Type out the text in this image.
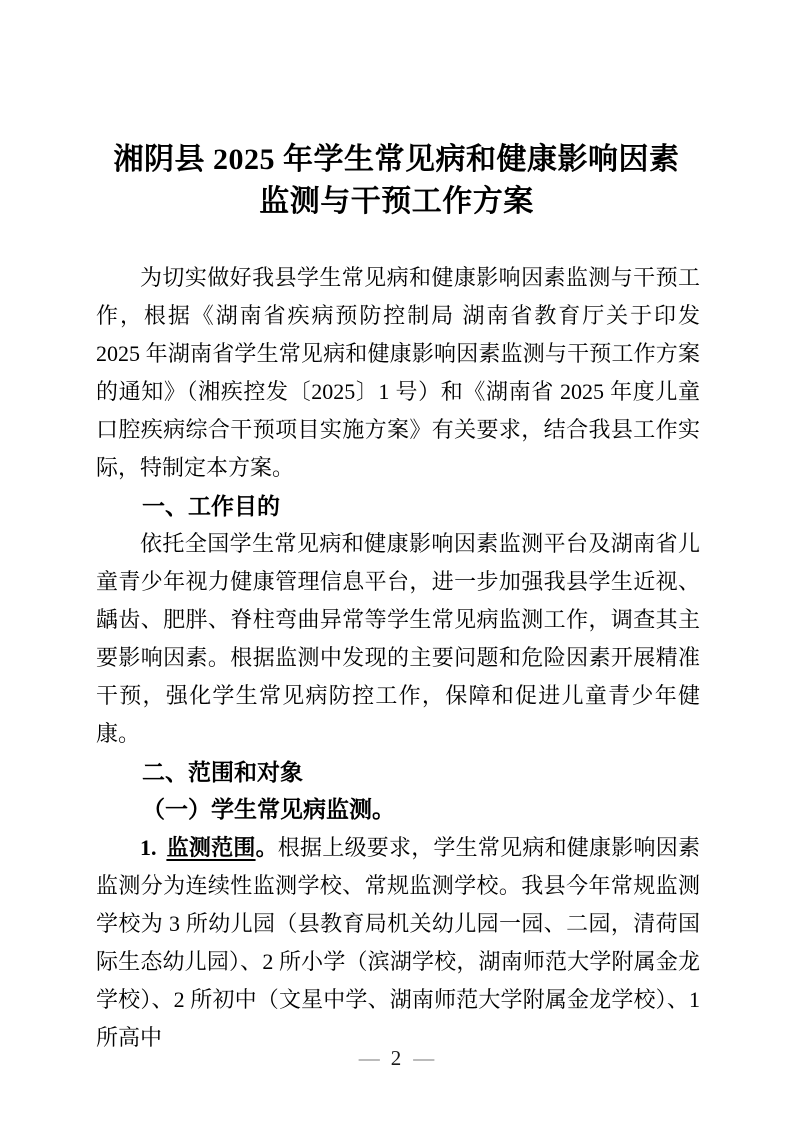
湘阴县 2025 年学生常见病和健康影响因素
监测与干预工作方案

为切实做好我县学生常见病和健康影响因素监测与干预工作，根据《湖南省疾病预防控制局 湖南省教育厅关于印发 2025 年湖南省学生常见病和健康影响因素监测与干预工作方案的通知》（湘疾控发〔2025〕1 号）和《湖南省 2025 年度儿童口腔疾病综合干预项目实施方案》有关要求，结合我县工作实际，特制定本方案。

一、工作目的

依托全国学生常见病和健康影响因素监测平台及湖南省儿童青少年视力健康管理信息平台，进一步加强我县学生近视、龋齿、肥胖、脊柱弯曲异常等学生常见病监测工作，调查其主要影响因素。根据监测中发现的主要问题和危险因素开展精准干预，强化学生常见病防控工作，保障和促进儿童青少年健康。

二、范围和对象
（一）学生常见病监测。

1. 监测范围。根据上级要求，学生常见病和健康影响因素监测分为连续性监测学校、常规监测学校。我县今年常规监测学校为 3 所幼儿园（县教育局机关幼儿园一园、二园，清荷国际生态幼儿园）、2 所小学（滨湖学校，湖南师范大学附属金龙学校）、2 所初中（文星中学、湖南师范大学附属金龙学校）、1 所高中

— 2 —
